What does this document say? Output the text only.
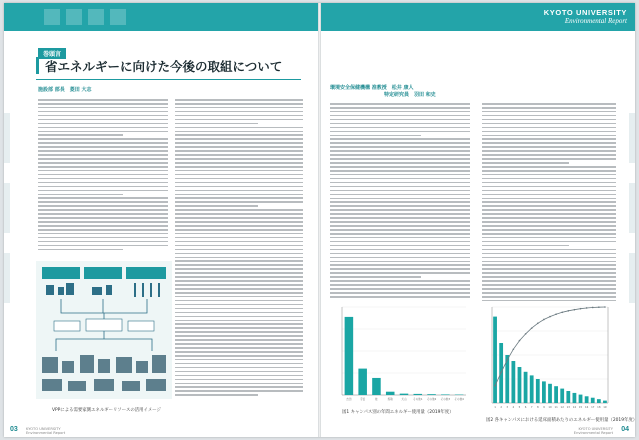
KYOTO UNIVERSITY
Environmental Report
巻頭言
省エネルギーに向けた今後の取組について
施設部 部長　菱田 大志
VPPによる需要家側エネルギーリソースの活用イメージ
環境安全保健機構 准教授　松井 康人
特定研究員　羽田 和史
吉田	宇治	桂	熊取	犬山 その他1 その他2 その他3 その他4
図1 キャンパス別の年間エネルギー使用量（2019年度）
1 2 3 4 5 6 7 8 9 10 11 12 13 14 15 16 17 18 19
図2 各キャンパスにおける延床面積あたりのエネルギー使用量（2019年度）
03 KYOTO UNIVERSITY
Environmental Report
KYOTO UNIVERSITY
Environmental Report 04
